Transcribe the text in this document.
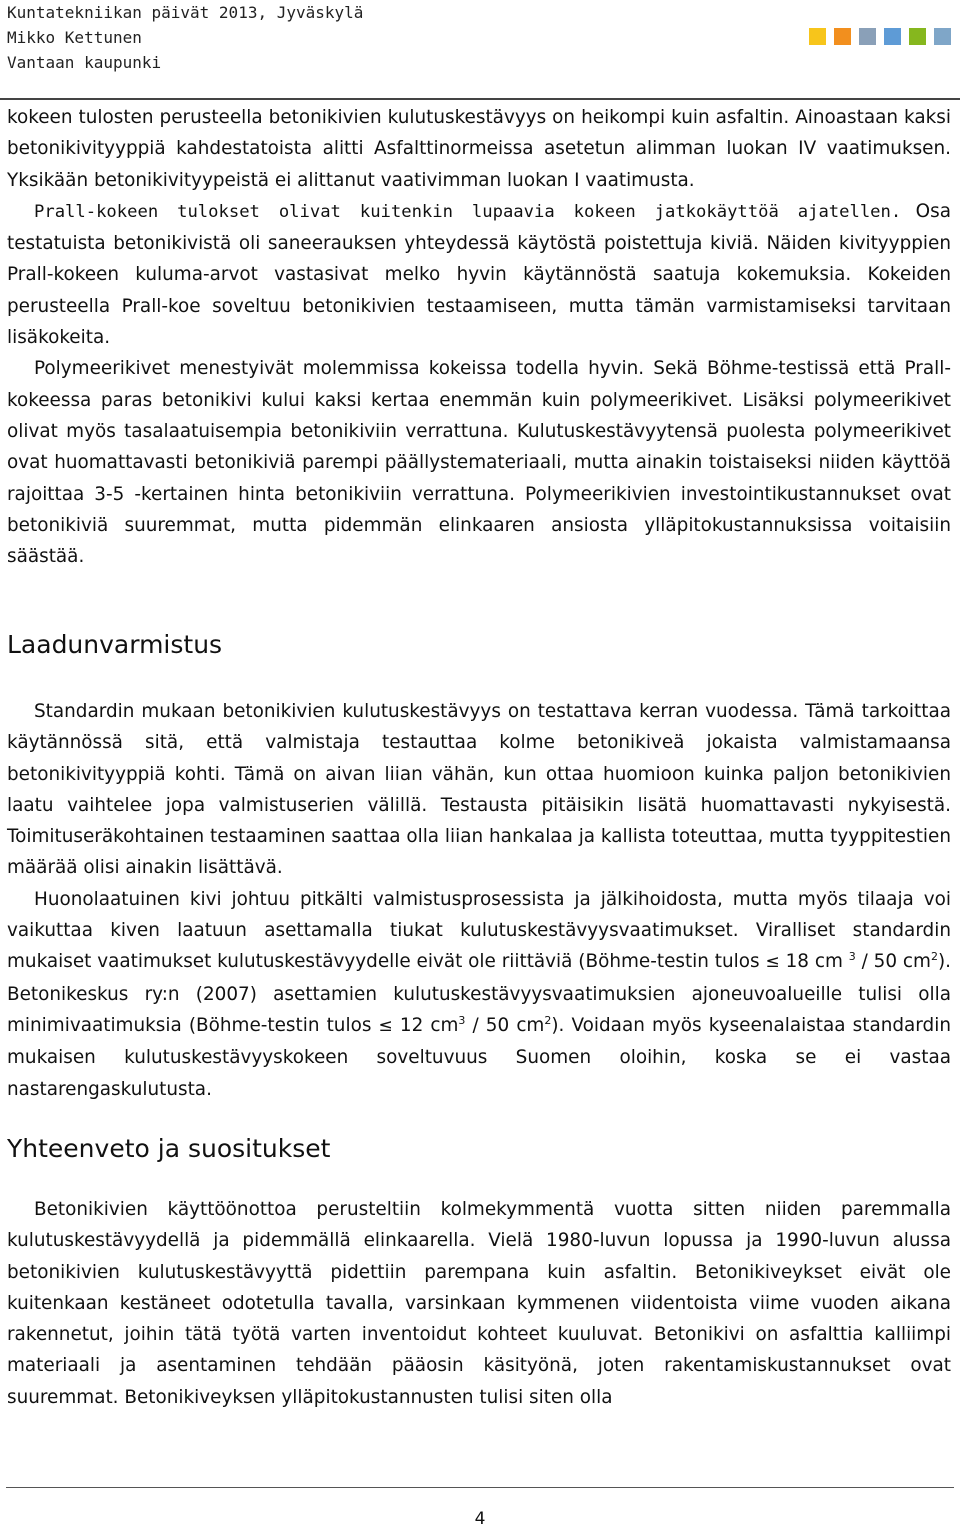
Kuntatekniikan päivät 2013, Jyväskylä
Mikko Kettunen
Vantaan kaupunki

kokeen tulosten perusteella betonikivien kulutuskestävyys on heikompi kuin asfaltin. Ainoastaan kaksi betonikivityyppiä kahdestatoista alitti Asfalttinormeissa asetetun alimman luokan IV vaatimuksen. Yksikään betonikivityypeistä ei alittanut vaativimman luokan I vaatimusta.

Prall-kokeen tulokset olivat kuitenkin lupaavia kokeen jatkokäyttöä ajatellen. Osa testatuista betonikivistä oli saneerauksen yhteydessä käytöstä poistettuja kiviä. Näiden kivityyppien Prall-kokeen kuluma-arvot vastasivat melko hyvin käytännöstä saatuja kokemuksia. Kokeiden perusteella Prall-koe soveltuu betonikivien testaamiseen, mutta tämän varmistamiseksi tarvitaan lisäkokeita.

Polymeerikivet menestyivät molemmissa kokeissa todella hyvin. Sekä Böhme-testissä että Prall-kokeessa paras betonikivi kului kaksi kertaa enemmän kuin polymeerikivet. Lisäksi polymeerikivet olivat myös tasalaatuisempia betonikiviin verrattuna. Kulutuskestävyytensä puolesta polymeerikivet ovat huomattavasti betonikiviä parempi päällystemateriaali, mutta ainakin toistaiseksi niiden käyttöä rajoittaa 3-5 -kertainen hinta betonikiviin verrattuna. Polymeerikivien investointikustannukset ovat betonikiviä suuremmat, mutta pidemmän elinkaaren ansiosta ylläpitokustannuksissa voitaisiin säästää.

Laadunvarmistus

Standardin mukaan betonikivien kulutuskestävyys on testattava kerran vuodessa. Tämä tarkoittaa käytännössä sitä, että valmistaja testauttaa kolme betonikiveä jokaista valmistamaansa betonikivityyppiä kohti. Tämä on aivan liian vähän, kun ottaa huomioon kuinka paljon betonikivien laatu vaihtelee jopa valmistuserien välillä. Testausta pitäisikin lisätä huomattavasti nykyisestä. Toimituseräkohtainen testaaminen saattaa olla liian hankalaa ja kallista toteuttaa, mutta tyyppitestien määrää olisi ainakin lisättävä.

Huonolaatuinen kivi johtuu pitkälti valmistusprosessista ja jälkihoidosta, mutta myös tilaaja voi vaikuttaa kiven laatuun asettamalla tiukat kulutuskestävyysvaatimukset. Viralliset standardin mukaiset vaatimukset kulutuskestävyydelle eivät ole riittäviä (Böhme-testin tulos ≤ 18 cm $^3$ / 50 $cm^2$). Betonikeskus ry:n (2007) asettamien kulutuskestävyysvaatimuksien ajoneuvoalueille tulisi olla minimivaatimuksia (Böhme-testin tulos ≤ 12 $cm^3 / 50$ $cm^2$). Voidaan myös kyseenalaistaa standardin mukaisen kulutuskestävyyskokeen soveltuvuus Suomen oloihin, koska se ei vastaa nastarengaskulutusta.

Yhteenveto ja suositukset

Betonikivien käyttöönottoa perusteltiin kolmekymmentä vuotta sitten niiden paremmalla kulutuskestävyydellä ja pidemmällä elinkaarella. Vielä 1980-luvun lopussa ja 1990-luvun alussa betonikivien kulutuskestävyyttä pidettiin parempana kuin asfaltin. Betonikiveykset eivät ole kuitenkaan kestäneet odotetulla tavalla, varsinkaan kymmenen viidentoista viime vuoden aikana rakennetut, joihin tätä työtä varten inventoidut kohteet kuuluvat. Betonikivi on asfalttia kalliimpi materiaali ja asentaminen tehdään pääosin käsityönä, joten rakentamiskustannukset ovat suuremmat. Betonikiveyksen ylläpitokustannusten tulisi siten olla

4
